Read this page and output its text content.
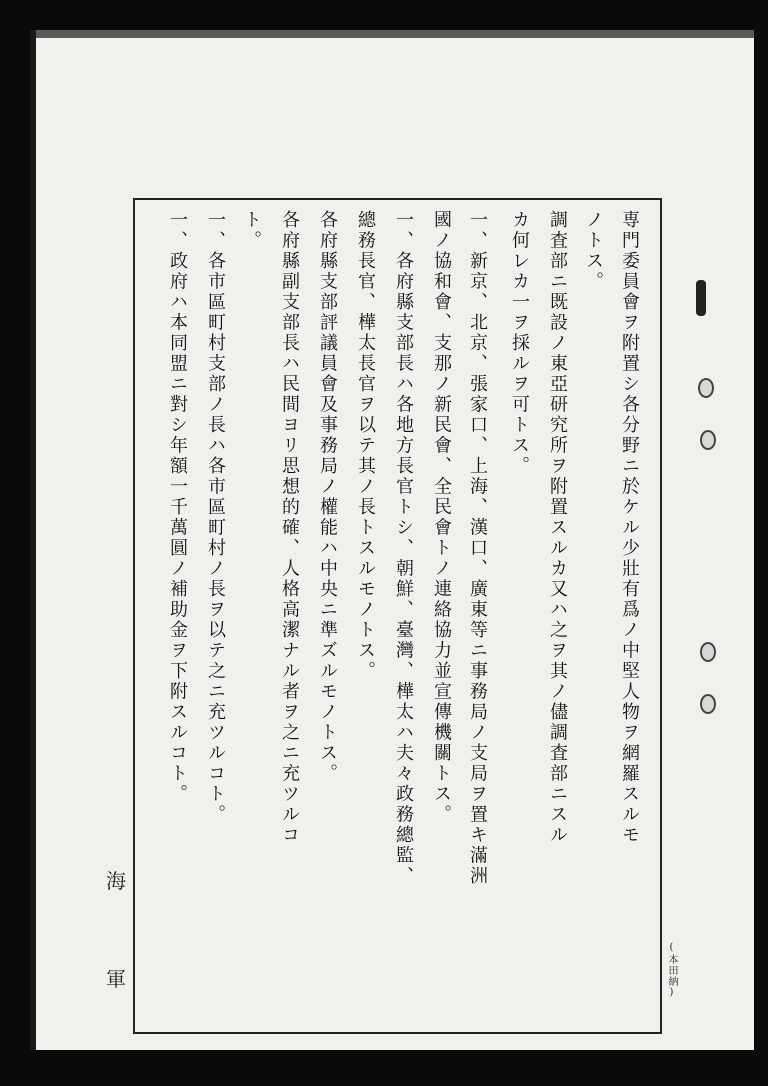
専門委員會ヲ附置シ各分野ニ於ケル少壯有爲ノ中堅人物ヲ網羅スルモ
ノトス。
調査部ニ既設ノ東亞研究所ヲ附置スルカ又ハ之ヲ其ノ儘調査部ニスル
カ何レカ一ヲ採ルヲ可トス。
一、新京、北京、張家口、上海、漢口、廣東等ニ事務局ノ支局ヲ置キ滿洲
國ノ協和會、支那ノ新民會、全民會トノ連絡協力並宣傳機關トス。
一、各府縣支部長ハ各地方長官トシ、朝鮮、臺灣、樺太ハ夫々政務總監、
總務長官、樺太長官ヲ以テ其ノ長トスルモノトス。
各府縣支部評議員會及事務局ノ權能ハ中央ニ準ズルモノトス。
各府縣副支部長ハ民間ヨリ思想的確、人格高潔ナル者ヲ之ニ充ツルコ
ト。
一、各市區町村支部ノ長ハ各市區町村ノ長ヲ以テ之ニ充ツルコト。
一、政府ハ本同盟ニ對シ年額一千萬圓ノ補助金ヲ下附スルコト。
(本田納)
海
軍
